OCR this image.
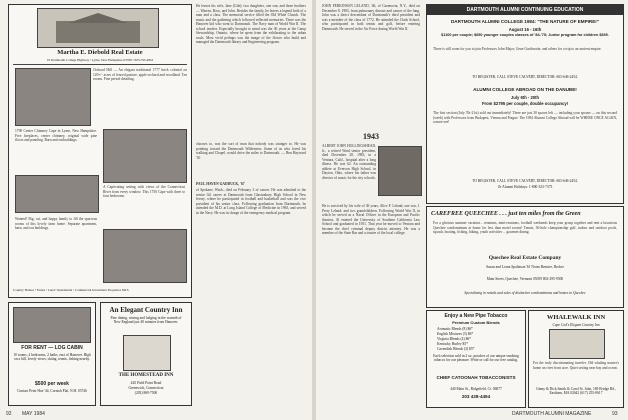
Martha E. Diebold Real Estate
19 Dartmouth College Highway • Lyme, New Hampshire 03768 • 603-795-4816
Orchard Hill — An elegant traditional 1777 brick colonial on 120+/- acres of fenced pasture, apple orchard and woodland. Ten rooms. Fine period detailing.
1790 Center Chimney Cape in Lyme, New Hampshire. Five fireplaces, center chimney, original wide pine floors and paneling. Barn and outbuildings.
A Captivating setting with views of the Connecticut River from every window. This 1750 Cape with three to four bedrooms.
Wanted! Big, cat, and happy family to fill the spacious rooms of this lovely farm home. Separate apartment, barn, and out buildings.
Country Homes • Farms • Land • Residential • Commercial Investment Properties MLS
FOR RENT — LOG CABIN
10 rooms, 4 bedrooms, 2 baths, east of Hanover. High on a hill, lovely views, skiing, tennis, fishing nearby.
$500 per week
Contact Peter Hue '44, Cornish Flat, N.H. 03746
An Elegant Country Inn
Fine dining, wining and lodging in the warmth of New England just 40 minutes from Hanover.
THE HOMESTEAD INN
420 Field Point Road
Greenwich, Connecticut
(203) 869-7500
He leaves his wife, Jane (Gile); two daughters, one son; and three brothers — Warren, Ross, and John. Besides the family, he leaves a legend both of a man and a class. The memorial service filled the Old White Church. The music and the gathering which followed reflected memories. There was the Hanover kid who went to Dartmouth. The Navy man of World War II. The school teacher. Especially brought to mind was the 30 years at the Camp Stewardship, Ontario, where he spent from the exhilarating to the urban souls. Most vivid perhaps was the image of the flower who build and managed the Dartmouth library and Engineering program.
chooses to, was the sort of man that nobody was stranger to. He was pointing toward the Dartmouth Wilderness. Some of us who loved his walking and Chapel, would drive the miles to Dartmouth. — Ben Hayward '30
PAUL HAVEN GADDUCK, '67
of Spokane, Wash., died on February 3 of cancer. He was admitted to the senior Gil career at Dartmouth from Glastonbury High School in New Jersey, where he participated in football and basketball and was the vice president of his senior class. Following graduation from Dartmouth, he attended the M.D. at Long Island College of Medicine in 1965, and served in the Navy. He was in charge of the emergency medical program.
92 MAY 1984
JOHN PERKINSON LELAND, '46, of Cazenovia, N.Y., died on December 8, 1983, from pulmonary disease and cancer of the lung. John was a direct descendant of Dartmouth's third president and was a member of the class of 1772. He attended the Clark School, who participated in both tennis and golf, before entering Dartmouth. He served in the Air Force during World War II.
1943
ALBERT JOHN HOLLINGSHEAD, Jr., a retired Ward senior president, died December 28, 1983, in a Ventura, Calif., hospital after a long illness. He was 62. An outstanding athlete at Everson High School, in Dayton, Ohio, where his father was director of music for the city schools.
He is survived by his wife of 36 years, Alice F. Leland; one son, J. Perry Leland; and two grandchildren. Following World War II, in which he served as a Naval Officer in the European and Pacific theaters, Al entered the University of Southern California Law School and graduated in 1951. That year he moved to Ventura and became the chief criminal deputy district attorney. He was a member of the State Bar and a trustee of the local college.
DARTMOUTH ALUMNI CONTINUING EDUCATION
DARTMOUTH ALUMNI COLLEGE 1984: "THE NATURE OF EMPIRE!"
August 16 - 16th
$1100 per couple; $650 younger couples classes of '84-'75; Junior program for children $395.
There is still room for you to join Professors John Major, Gene Garthwaite, and others for a trip to an ancient empire.
TO REGISTER, CALL STEVE CALVERT, DIRECTOR: 603-646-2454.
ALUMNI COLLEGE ABROAD ON THE DANUBE!
July 6th - 20th
From $2795 per couple, double occupancy!
The first section (July 7th-21st) sold out immediately! There are just 30 spaces left — including your spouse — on this second (week) with Professors from Budapest, Vienna and Prague. The 1984 Alumni College Abroad will be WHERE ONCE AGAIN, a must-see!
TO REGISTER, CALL STEVE CALVERT, DIRECTOR: 603-646-2454.
Or Alumni Holidays: 1-800-323-7373
CAREFREE QUEECHEE . . . just ten miles from the Green
For a glorious summer vacation... reunions, mini-reunions, football weekends keep your group together and rent a luxurious Quechee condominium at home for less than motel rooms! Tennis, 36-hole championship golf, indoor and outdoor pools, squash, boating, fishing, hiking, youth activities ... gourmet dining.
Quechee Real Estate Company
Susan and Lorna Spalinson '61 Norm Renoire, Broker
Main Street, Quechee, Vermont 05059 802-295-9500
Specializing in rentals and sales of distinctive condominiums and homes in Quechee
Enjoy a New Pipe Tobacco
Premium Custom Blends
Aromatic Blends (8) $6*
English Mixtures (5) $6*
Virginia Blends (4) $6*
Kentucky Burley $5*
Cavendish Blends (3) $5*
Each selection sold in 2 oz. pouches of our unique smoking tobacco for our pleasure. Write or call for our free catalog.
CHIEF CATOONAH TOBACCONISTS
440 Main St., Ridgefield, Ct. 06877
203 438-4494
WHALEWALK INN
Cape Cod's Elegant Country Inn
For the truly discriminating traveler. Old whaling master's home on river front acre. Quiet setting near bay and ocean.
Ginny & Dick Smith & Carol St. John, 169 Bridge Rd., Eastham, MA 02642 (617) 255-0617
DARTMOUTH ALUMNI MAGAZINE	93
